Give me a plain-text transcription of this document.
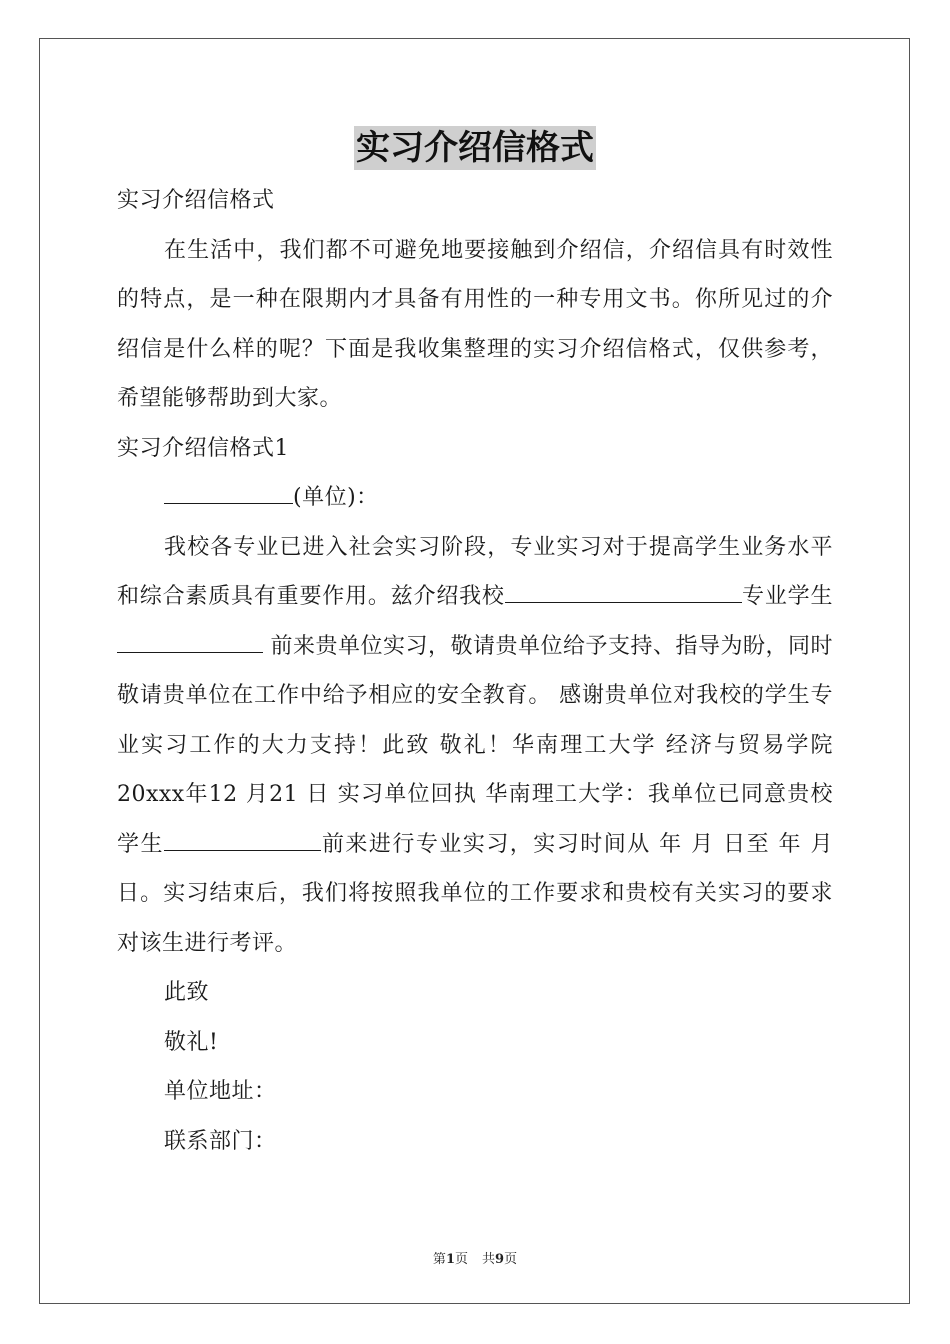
实习介绍信格式

实习介绍信格式

在生活中，我们都不可避免地要接触到介绍信，介绍信具有时效性的特点，是一种在限期内才具备有用性的一种专用文书。你所见过的介绍信是什么样的呢？下面是我收集整理的实习介绍信格式，仅供参考，希望能够帮助到大家。

实习介绍信格式1

(单位)：

我校各专业已进入社会实习阶段，专业实习对于提高学生业务水平和综合素质具有重要作用。兹介绍我校	专业学生 前来贵单位实习，敬请贵单位给予支持、指导为盼，同时敬请贵单位在工作中给予相应的安全教育。 感谢贵单位对我校的学生专业实习工作的大力支持！此致 敬礼！华南理工大学 经济与贸易学院 20xxx年12 月21 日 实习单位回执 华南理工大学：我单位已同意贵校学生	前来进行专业实习，实习时间从 年 月 日至 年 月 日。实习结束后，我们将按照我单位的工作要求和贵校有关实习的要求对该生进行考评。

此致

敬礼!

单位地址：

联系部门：

第1页 共9页
